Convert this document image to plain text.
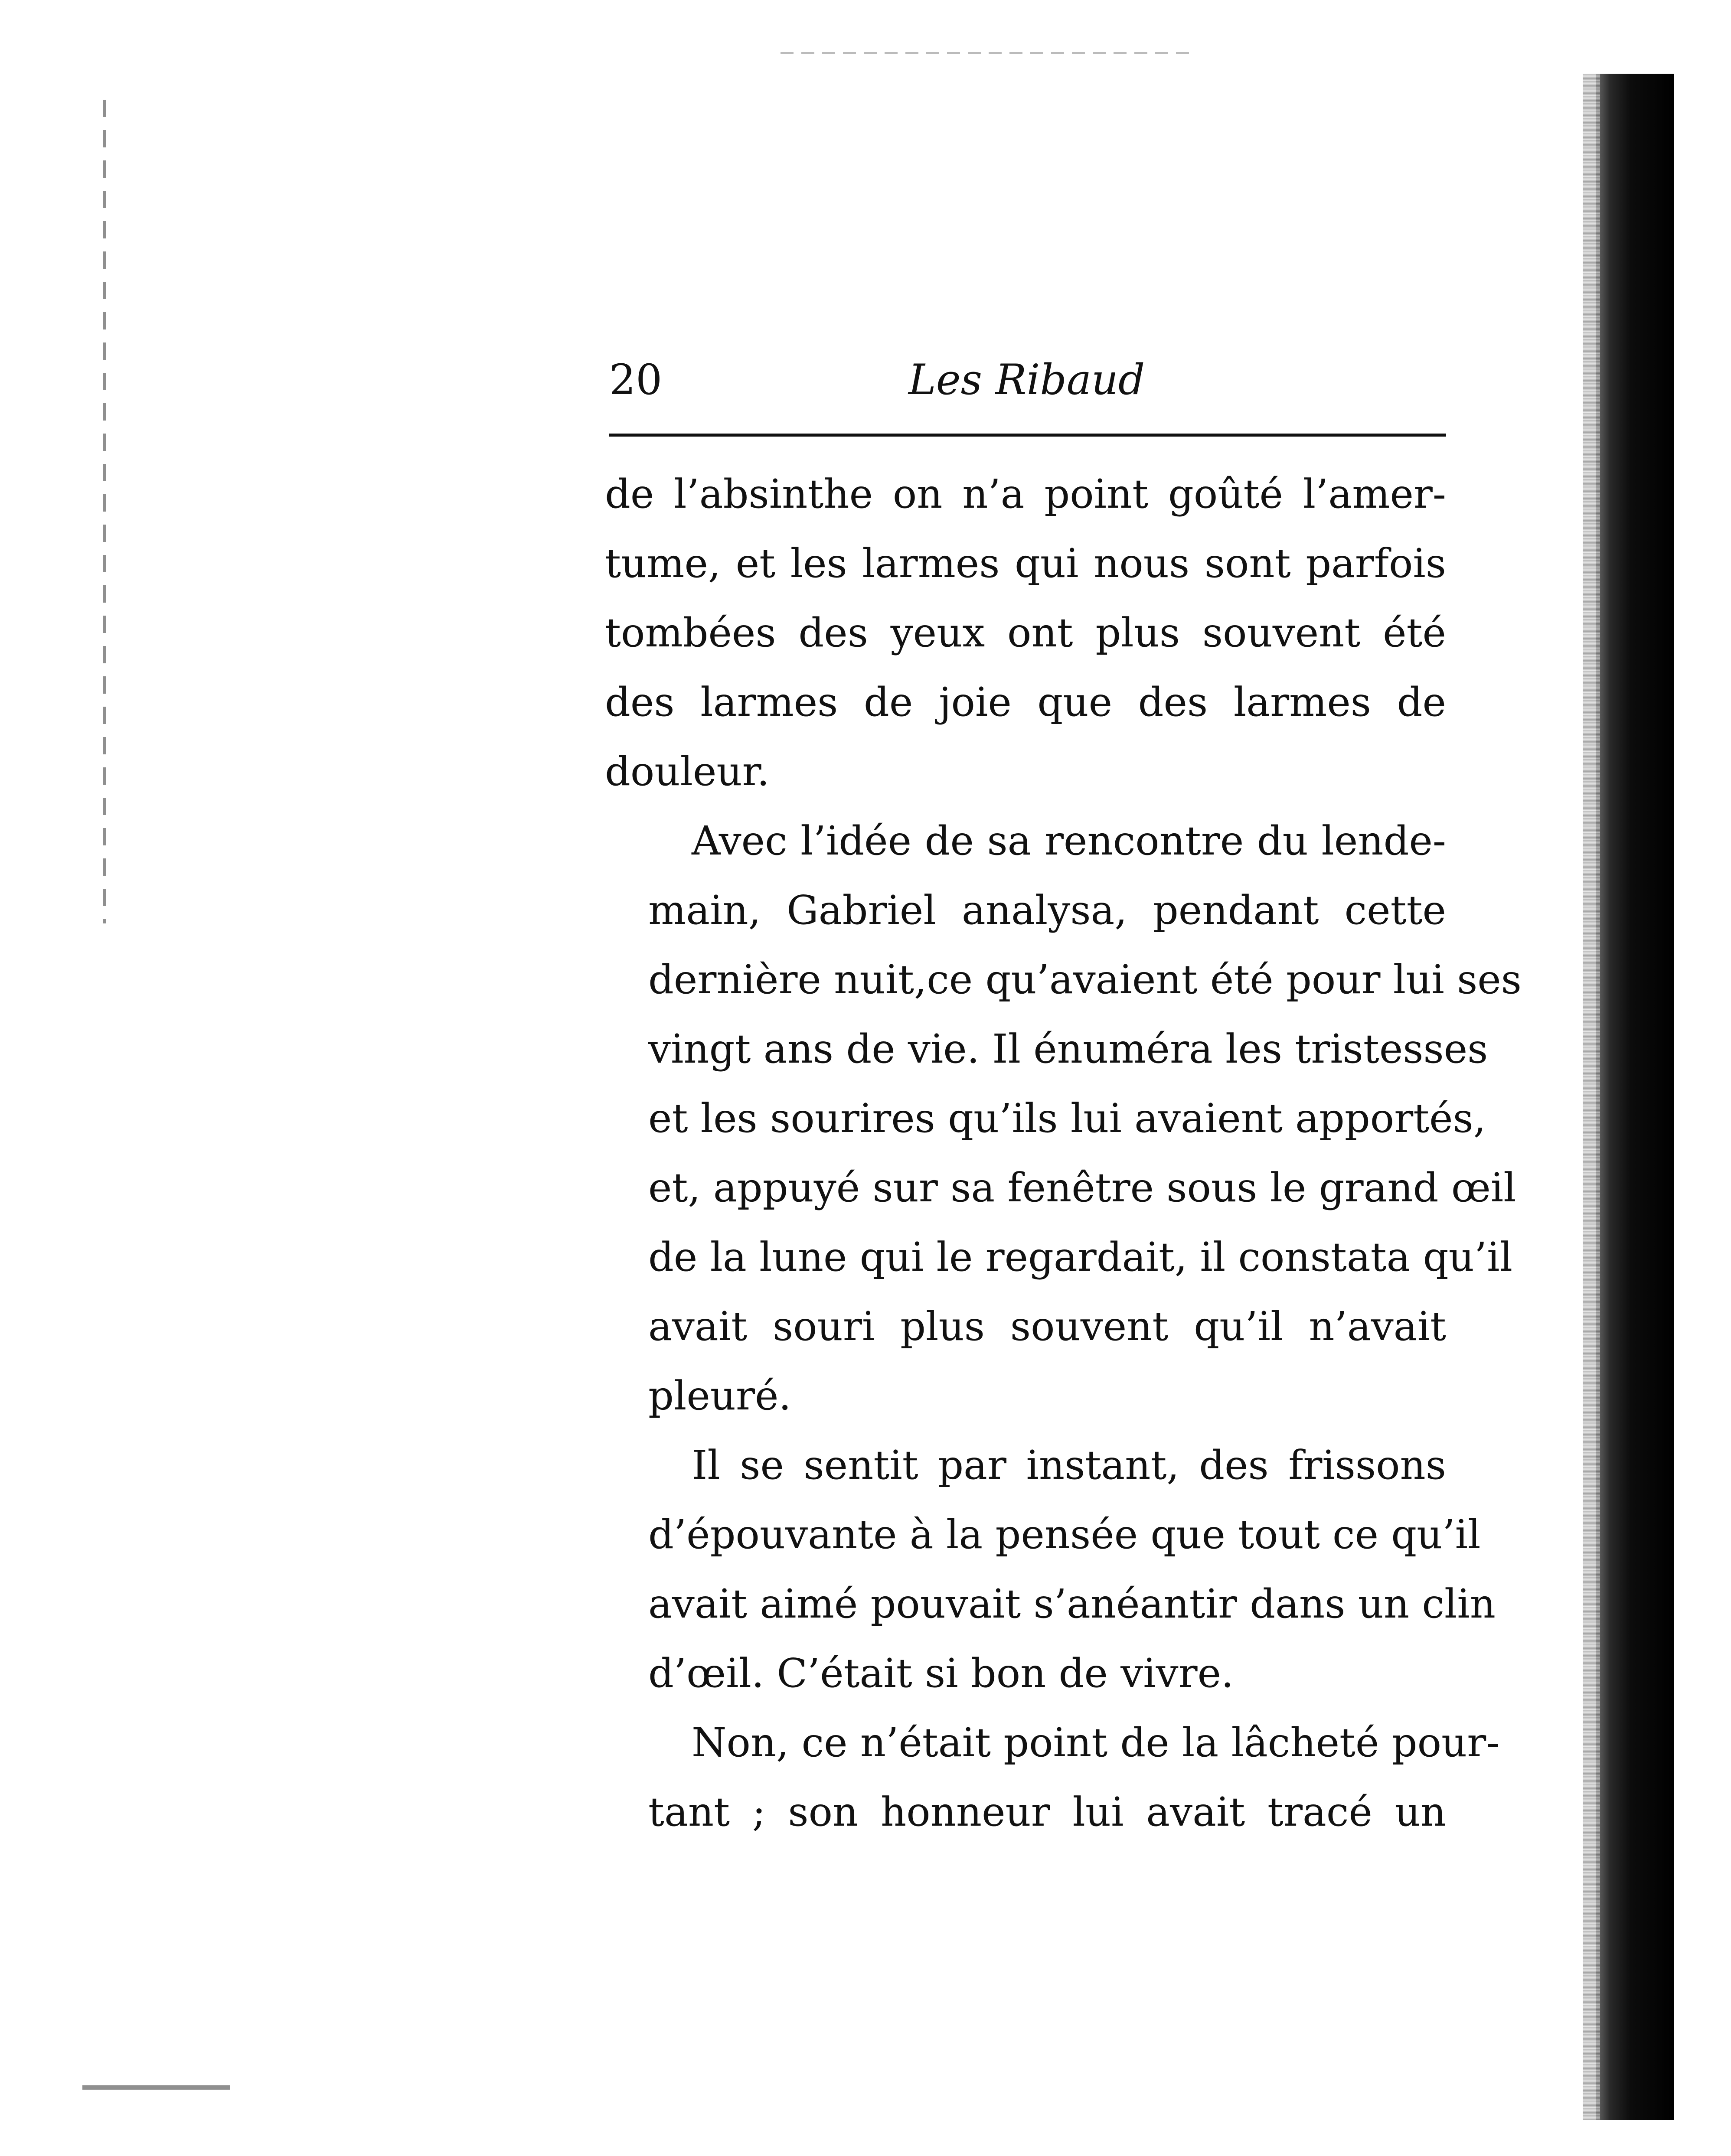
20	Les Ribaud

de l’absinthe on n’a point goûté l’amer-
tume, et les larmes qui nous sont parfois
tombées des yeux ont plus souvent été
des larmes de joie que des larmes de
douleur.

Avec l’idée de sa rencontre du lende-
main, Gabriel analysa, pendant cette
dernière nuit,ce qu’avaient été pour lui ses
vingt ans de vie. Il énuméra les tristesses
et les sourires qu’ils lui avaient apportés,
et, appuyé sur sa fenêtre sous le grand œil
de la lune qui le regardait, il constata qu’il
avait souri plus souvent qu’il n’avait
pleuré.

Il se sentit par instant, des frissons
d’épouvante à la pensée que tout ce qu’il
avait aimé pouvait s’anéantir dans un clin
d’œil. C’était si bon de vivre.

Non, ce n’était point de la lâcheté pour-
tant ; son honneur lui avait tracé un
